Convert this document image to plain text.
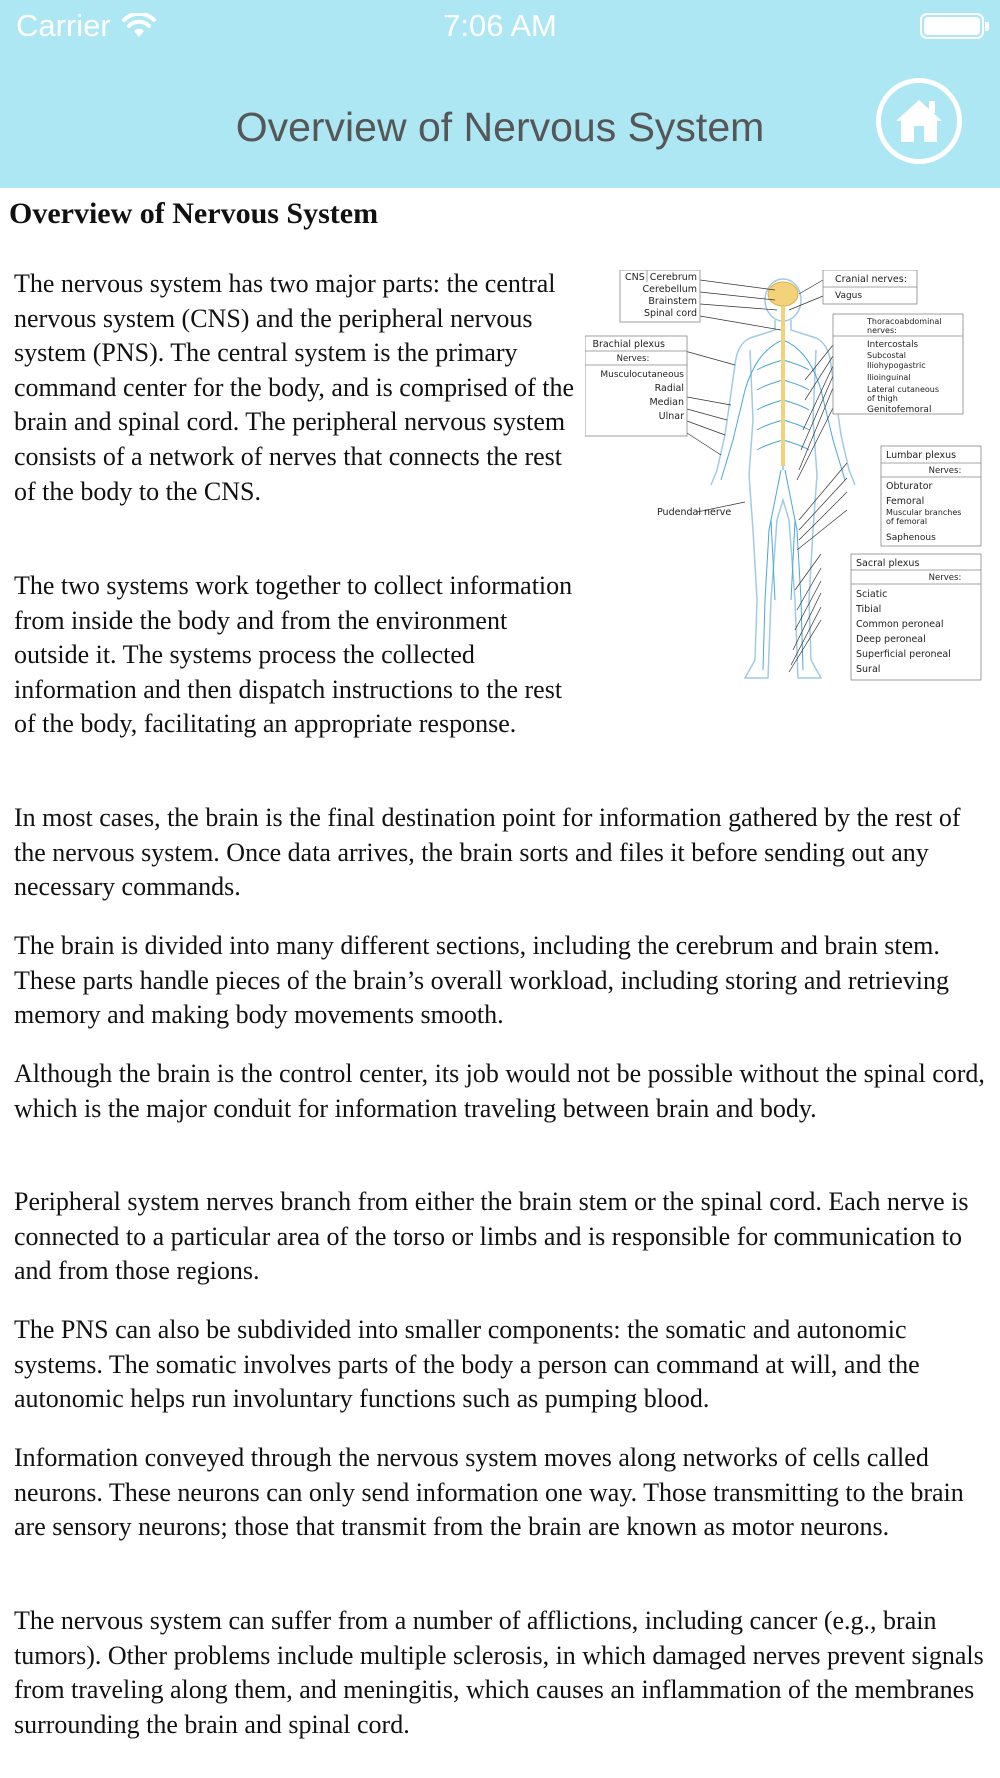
Carrier	7:06 AM
Overview of Nervous System
Overview of Nervous System

The nervous system has two major parts: the central nervous system (CNS) and the peripheral nervous system (PNS). The central system is the primary command center for the body, and is comprised of the brain and spinal cord. The peripheral nervous system consists of a network of nerves that connects the rest of the body to the CNS.

The two systems work together to collect information from inside the body and from the environment outside it. The systems process the collected information and then dispatch instructions to the rest of the body, facilitating an appropriate response.

In most cases, the brain is the final destination point for information gathered by the rest of the nervous system. Once data arrives, the brain sorts and files it before sending out any necessary commands.

The brain is divided into many different sections, including the cerebrum and brain stem. These parts handle pieces of the brain’s overall workload, including storing and retrieving memory and making body movements smooth.

Although the brain is the control center, its job would not be possible without the spinal cord, which is the major conduit for information traveling between brain and body.

Peripheral system nerves branch from either the brain stem or the spinal cord. Each nerve is connected to a particular area of the torso or limbs and is responsible for communication to and from those regions.

The PNS can also be subdivided into smaller components: the somatic and autonomic systems. The somatic involves parts of the body a person can command at will, and the autonomic helps run involuntary functions such as pumping blood.

Information conveyed through the nervous system moves along networks of cells called neurons. These neurons can only send information one way. Those transmitting to the brain are sensory neurons; those that transmit from the brain are known as motor neurons.

The nervous system can suffer from a number of afflictions, including cancer (e.g., brain tumors). Other problems include multiple sclerosis, in which damaged nerves prevent signals from traveling along them, and meningitis, which causes an inflammation of the membranes surrounding the brain and spinal cord.

CNS Cerebrum
Cerebellum
Brainstem
Spinal cord
Brachial plexus
Nerves:
Musculocutaneous
Radial
Median
Ulnar
Pudendal nerve
Cranial nerves:
Vagus
Thoracoabdominal
nerves:
Intercostals
Subcostal
Iliohypogastric
Ilioinguinal
Lateral cutaneous
of thigh
Genitofemoral
Lumbar plexus
Nerves:
Obturator
Femoral
Muscular branches
of femoral
Saphenous
Sacral plexus
Nerves:
Sciatic
Tibial
Common peroneal
Deep peroneal
Superficial peroneal
Sural
